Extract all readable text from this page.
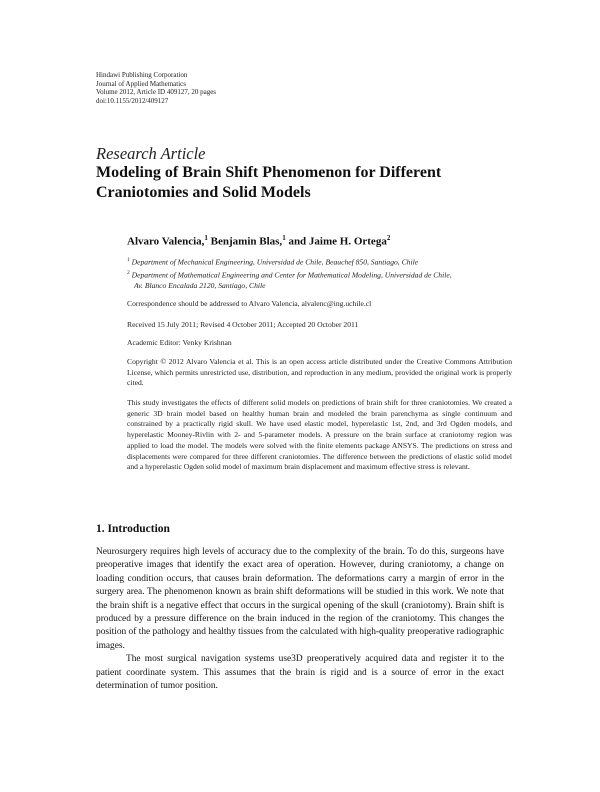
Hindawi Publishing Corporation
Journal of Applied Mathematics
Volume 2012, Article ID 409127, 20 pages
doi:10.1155/2012/409127
Research Article
Modeling of Brain Shift Phenomenon for Different Craniotomies and Solid Models
Alvaro Valencia,$^1$ Benjamin Blas,$^1$ and Jaime H. Ortega$^2$
$^1$ Department of Mechanical Engineering, Universidad de Chile, Beauchef 850, Santiago, Chile
$^2$ Department of Mathematical Engineering and Center for Mathematical Modeling, Universidad de Chile,
Av. Blanco Encalada 2120, Santiago, Chile
Correspondence should be addressed to Alvaro Valencia, alvalenc@ing.uchile.cl
Received 15 July 2011; Revised 4 October 2011; Accepted 20 October 2011
Academic Editor: Venky Krishnan
Copyright © 2012 Alvaro Valencia et al. This is an open access article distributed under the Creative Commons Attribution License, which permits unrestricted use, distribution, and reproduction in any medium, provided the original work is properly cited.
This study investigates the effects of different solid models on predictions of brain shift for three craniotomies. We created a generic 3D brain model based on healthy human brain and modeled the brain parenchyma as single continuum and constrained by a practically rigid skull. We have used elastic model, hyperelastic 1st, 2nd, and 3rd Ogden models, and hyperelastic Mooney-Rivlin with 2- and 5-parameter models. A pressure on the brain surface at craniotomy region was applied to load the model. The models were solved with the finite elements package ANSYS. The predictions on stress and displacements were compared for three different craniotomies. The difference between the predictions of elastic solid model and a hyperelastic Ogden solid model of maximum brain displacement and maximum effective stress is relevant.
1. Introduction

Neurosurgery requires high levels of accuracy due to the complexity of the brain. To do this, surgeons have preoperative images that identify the exact area of operation. However, during craniotomy, a change on loading condition occurs, that causes brain deformation. The deformations carry a margin of error in the surgery area. The phenomenon known as brain shift deformations will be studied in this work. We note that the brain shift is a negative effect that occurs in the surgical opening of the skull (craniotomy). Brain shift is produced by a pressure difference on the brain induced in the region of the craniotomy. This changes the position of the pathology and healthy tissues from the calculated with high-quality preoperative radiographic images.

The most surgical navigation systems use3D preoperatively acquired data and register it to the patient coordinate system. This assumes that the brain is rigid and is a source of error in the exact determination of tumor position.
